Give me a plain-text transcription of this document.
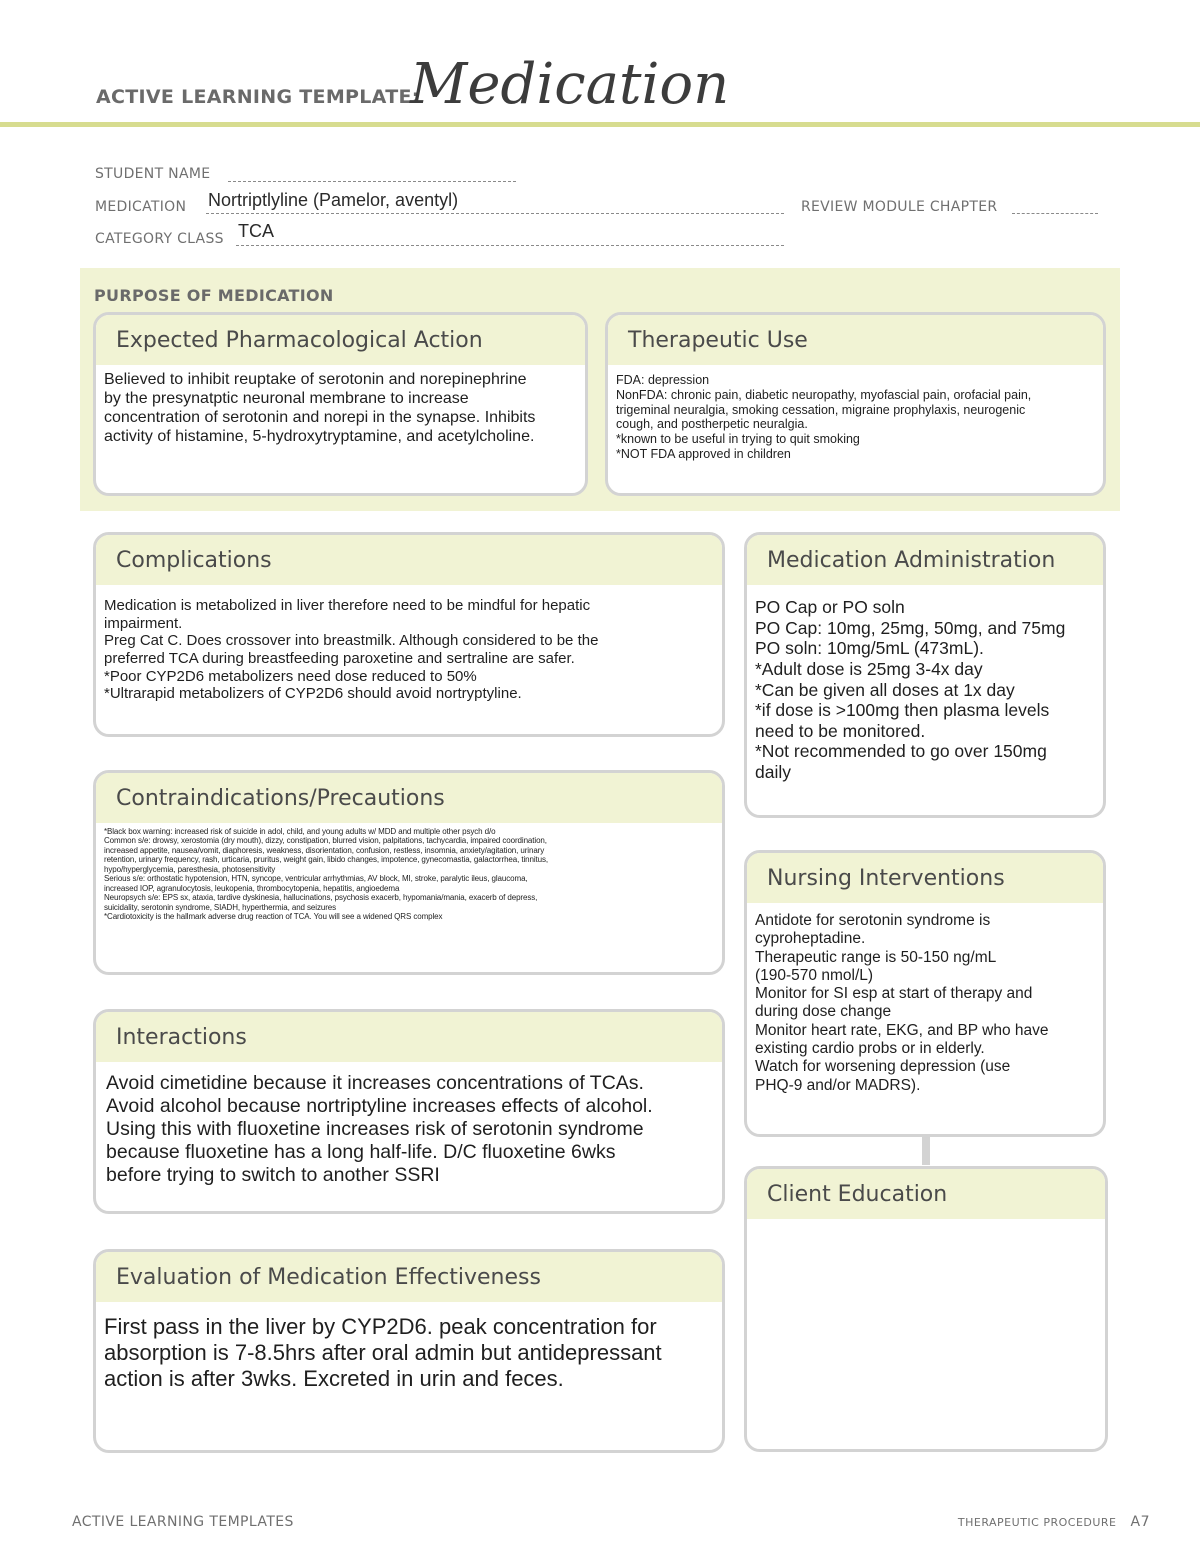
ACTIVE LEARNING TEMPLATE:
Medication
STUDENT NAME
MEDICATION Nortriptlyline (Pamelor, aventyl)	REVIEW MODULE CHAPTER
CATEGORY CLASS TCA
PURPOSE OF MEDICATION
Expected Pharmacological Action
Believed to inhibit reuptake of serotonin and norepinephrine
by the presynatptic neuronal membrane to increase
concentration of serotonin and norepi in the synapse. Inhibits
activity of histamine, 5-hydroxytryptamine, and acetylcholine.
Therapeutic Use
FDA: depression
NonFDA: chronic pain, diabetic neuropathy, myofascial pain, orofacial pain,
trigeminal neuralgia, smoking cessation, migraine prophylaxis, neurogenic
cough, and postherpetic neuralgia.
*known to be useful in trying to quit smoking
*NOT FDA approved in children
Complications
Medication is metabolized in liver therefore need to be mindful for hepatic
impairment.
Preg Cat C. Does crossover into breastmilk. Although considered to be the
preferred TCA during breastfeeding paroxetine and sertraline are safer.
*Poor CYP2D6 metabolizers need dose reduced to 50%
*Ultrarapid metabolizers of CYP2D6 should avoid nortryptyline.
Medication Administration
PO Cap or PO soln
PO Cap: 10mg, 25mg, 50mg, and 75mg
PO soln: 10mg/5mL (473mL).
*Adult dose is 25mg 3-4x day
*Can be given all doses at 1x day
*if dose is >100mg then plasma levels
need to be monitored.
*Not recommended to go over 150mg
daily
Contraindications/Precautions
*Black box warning: increased risk of suicide in adol, child, and young adults w/ MDD and multiple other psych d/o
Common s/e: drowsy, xerostomia (dry mouth), dizzy, constipation, blurred vision, palpitations, tachycardia, impaired coordination,
increased appetite, nausea/vomit, diaphoresis, weakness, disorientation, confusion, restless, insomnia, anxiety/agitation, urinary
retention, urinary frequency, rash, urticaria, pruritus, weight gain, libido changes, impotence, gynecomastia, galactorrhea, tinnitus,
hypo/hyperglycemia, paresthesia, photosensitivity
Serious s/e: orthostatic hypotension, HTN, syncope, ventricular arrhythmias, AV block, MI, stroke, paralytic ileus, glaucoma,
increased IOP, agranulocytosis, leukopenia, thrombocytopenia, hepatitis, angioedema
Neuropsych s/e: EPS sx, ataxia, tardive dyskinesia, hallucinations, psychosis exacerb, hypomania/mania, exacerb of depress,
suicidality, serotonin syndrome, SIADH, hyperthermia, and seizures
*Cardiotoxicity is the hallmark adverse drug reaction of TCA. You will see a widened QRS complex
Nursing Interventions
Antidote for serotonin syndrome is
cyproheptadine.
Therapeutic range is 50-150 ng/mL
(190-570 nmol/L)
Monitor for SI esp at start of therapy and
during dose change
Monitor heart rate, EKG, and BP who have
existing cardio probs or in elderly.
Watch for worsening depression (use
PHQ-9 and/or MADRS).
Interactions
Avoid cimetidine because it increases concentrations of TCAs.
Avoid alcohol because nortriptyline increases effects of alcohol.
Using this with fluoxetine increases risk of serotonin syndrome
because fluoxetine has a long half-life. D/C fluoxetine 6wks
before trying to switch to another SSRI
Client Education
Evaluation of Medication Effectiveness
First pass in the liver by CYP2D6. peak concentration for
absorption is 7-8.5hrs after oral admin but antidepressant
action is after 3wks. Excreted in urin and feces.
ACTIVE LEARNING TEMPLATES	THERAPEUTIC PROCEDURE A7
